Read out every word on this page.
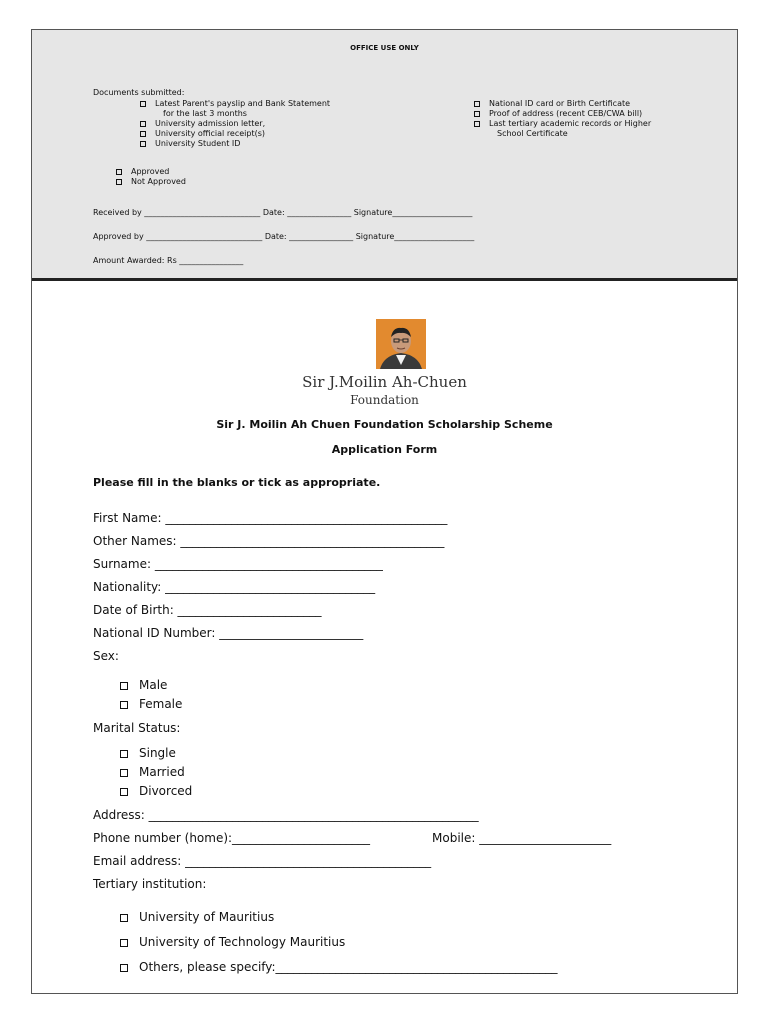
OFFICE USE ONLY
Documents submitted:
Latest Parent's payslip and Bank Statement
for the last 3 months
University admission letter,
University official receipt(s)
University Student ID
National ID card or Birth Certificate
Proof of address (recent CEB/CWA bill)
Last tertiary academic records or Higher
School Certificate
Approved
Not Approved
Received by _____________________________ Date: ________________ Signature____________________
Approved by _____________________________ Date: ________________ Signature____________________
Amount Awarded: Rs ________________
Sir J.Moilin Ah-Chuen
Foundation
Sir J. Moilin Ah Chuen Foundation Scholarship Scheme
Application Form
Please fill in the blanks or tick as appropriate.
First Name: _______________________________________________
Other Names: ____________________________________________
Surname: ______________________________________
Nationality: ___________________________________
Date of Birth: ________________________
National ID Number: ________________________
Sex:
Male
Female
Marital Status:
Single
Married
Divorced
Address: _______________________________________________________
Phone number (home):_______________________	Mobile: ______________________
Email address: _________________________________________
Tertiary institution:
University of Mauritius
University of Technology Mauritius
Others, please specify:_______________________________________________
